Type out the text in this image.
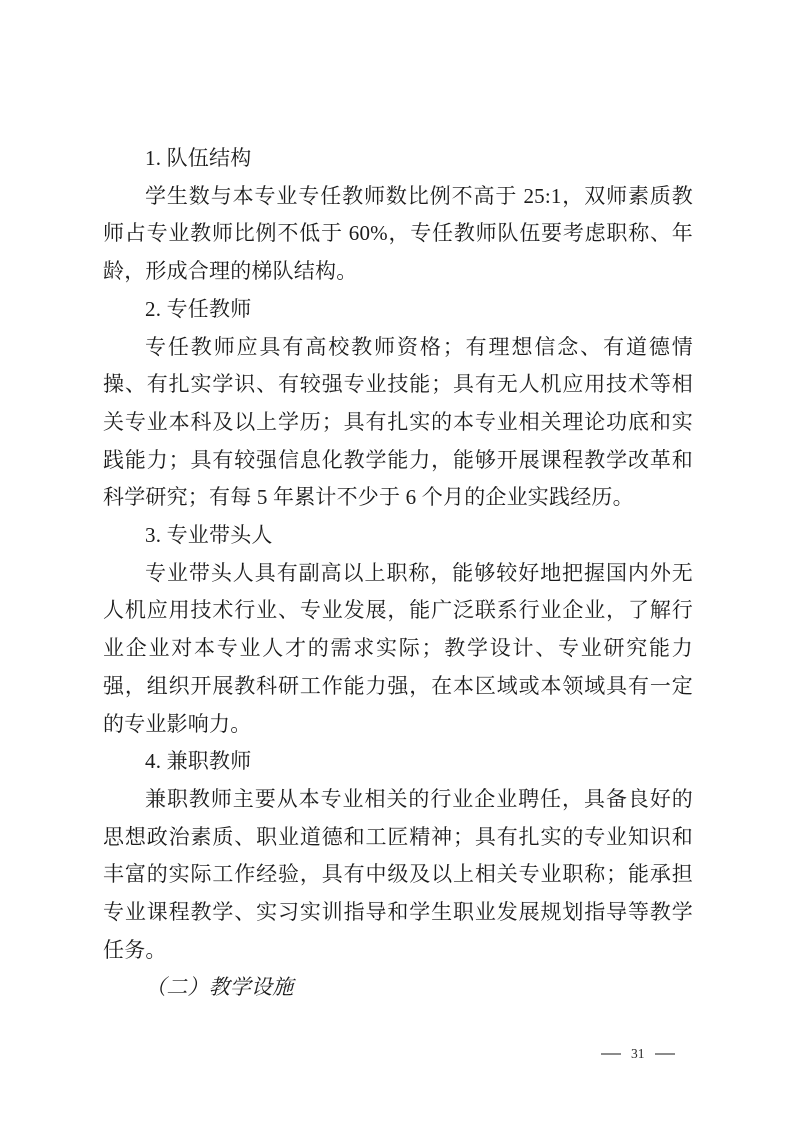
1. 队伍结构

学生数与本专业专任教师数比例不高于 25:1，双师素质教师占专业教师比例不低于 60%，专任教师队伍要考虑职称、年龄，形成合理的梯队结构。

2. 专任教师

专任教师应具有高校教师资格；有理想信念、有道德情操、有扎实学识、有较强专业技能；具有无人机应用技术等相关专业本科及以上学历；具有扎实的本专业相关理论功底和实践能力；具有较强信息化教学能力，能够开展课程教学改革和科学研究；有每 5 年累计不少于 6 个月的企业实践经历。

3. 专业带头人

专业带头人具有副高以上职称，能够较好地把握国内外无人机应用技术行业、专业发展，能广泛联系行业企业，了解行业企业对本专业人才的需求实际；教学设计、专业研究能力强，组织开展教科研工作能力强，在本区域或本领域具有一定的专业影响力。

4. 兼职教师

兼职教师主要从本专业相关的行业企业聘任，具备良好的思想政治素质、职业道德和工匠精神；具有扎实的专业知识和丰富的实际工作经验，具有中级及以上相关专业职称；能承担专业课程教学、实习实训指导和学生职业发展规划指导等教学任务。

（二）教学设施
31
